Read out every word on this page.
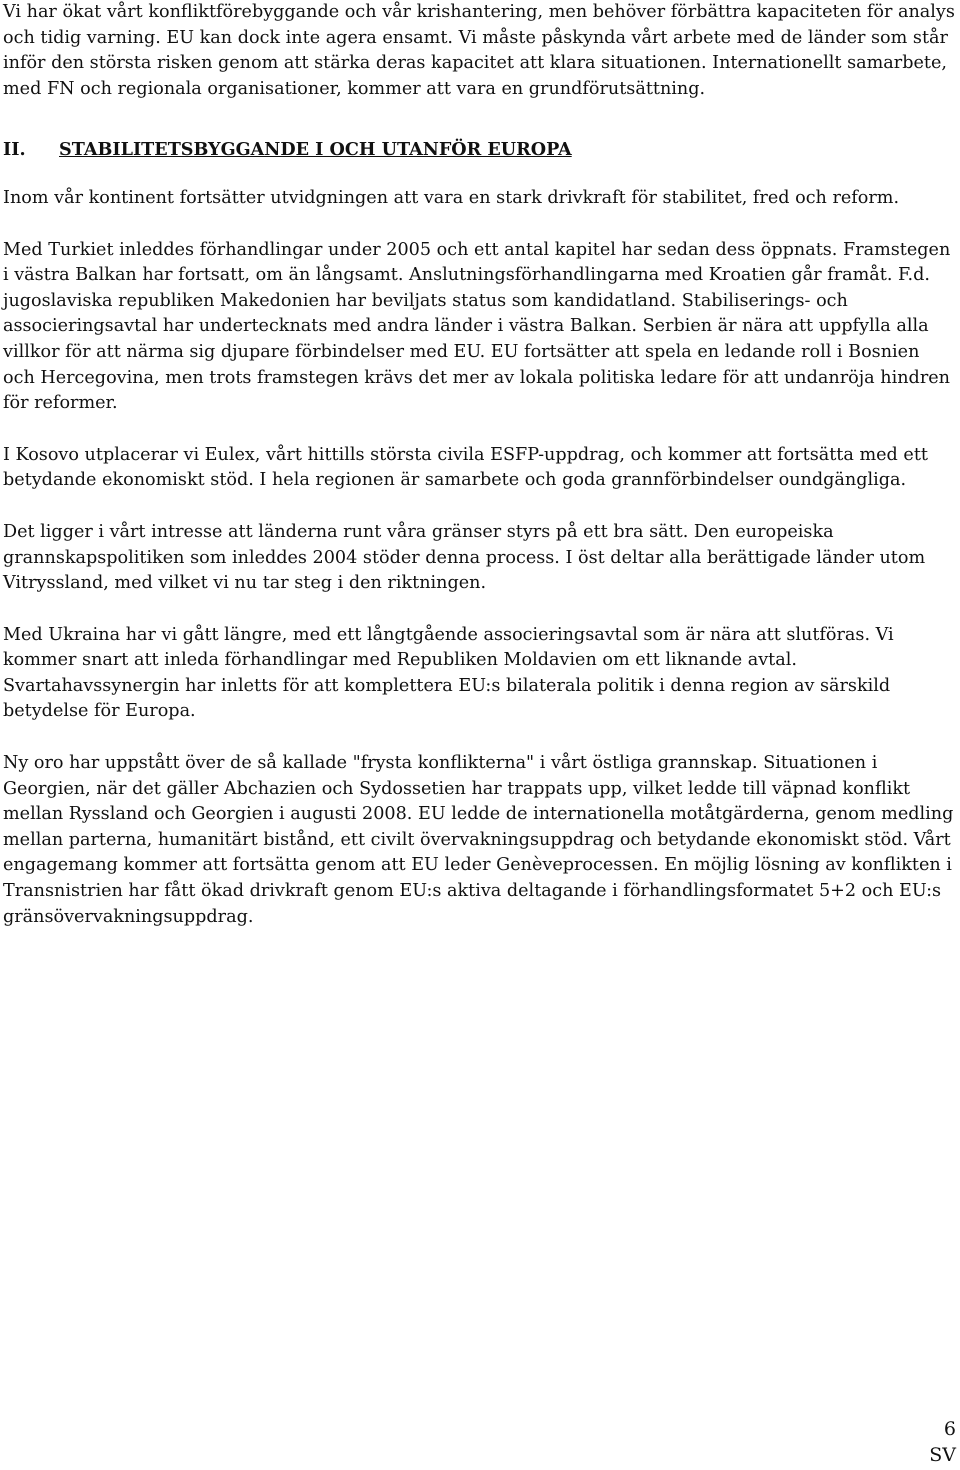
Vi har ökat vårt konfliktförebyggande och vår krishantering, men behöver förbättra kapaciteten för analys och tidig varning. EU kan dock inte agera ensamt. Vi måste påskynda vårt arbete med de länder som står inför den största risken genom att stärka deras kapacitet att klara situationen. Internationellt samarbete, med FN och regionala organisationer, kommer att vara en grundförutsättning.

II.	STABILITETSBYGGANDE I OCH UTANFÖR EUROPA

Inom vår kontinent fortsätter utvidgningen att vara en stark drivkraft för stabilitet, fred och reform.

Med Turkiet inleddes förhandlingar under 2005 och ett antal kapitel har sedan dess öppnats. Framstegen i västra Balkan har fortsatt, om än långsamt. Anslutningsförhandlingarna med Kroatien går framåt. F.d. jugoslaviska republiken Makedonien har beviljats status som kandidatland. Stabiliserings- och associeringsavtal har undertecknats med andra länder i västra Balkan. Serbien är nära att uppfylla alla villkor för att närma sig djupare förbindelser med EU. EU fortsätter att spela en ledande roll i Bosnien och Hercegovina, men trots framstegen krävs det mer av lokala politiska ledare för att undanröja hindren för reformer.

I Kosovo utplacerar vi Eulex, vårt hittills största civila ESFP-uppdrag, och kommer att fortsätta med ett betydande ekonomiskt stöd. I hela regionen är samarbete och goda grannförbindelser oundgängliga.

Det ligger i vårt intresse att länderna runt våra gränser styrs på ett bra sätt. Den europeiska grannskapspolitiken som inleddes 2004 stöder denna process. I öst deltar alla berättigade länder utom Vitryssland, med vilket vi nu tar steg i den riktningen.

Med Ukraina har vi gått längre, med ett långtgående associeringsavtal som är nära att slutföras. Vi kommer snart att inleda förhandlingar med Republiken Moldavien om ett liknande avtal. Svartahavssynergin har inletts för att komplettera EU:s bilaterala politik i denna region av särskild betydelse för Europa.

Ny oro har uppstått över de så kallade "frysta konflikterna" i vårt östliga grannskap. Situationen i Georgien, när det gäller Abchazien och Sydossetien har trappats upp, vilket ledde till väpnad konflikt mellan Ryssland och Georgien i augusti 2008. EU ledde de internationella motåtgärderna, genom medling mellan parterna, humanitärt bistånd, ett civilt övervakningsuppdrag och betydande ekonomiskt stöd. Vårt engagemang kommer att fortsätta genom att EU leder Genèveprocessen. En möjlig lösning av konflikten i Transnistrien har fått ökad drivkraft genom EU:s aktiva deltagande i förhandlingsformatet 5+2 och EU:s gränsövervakningsuppdrag.

6
SV
